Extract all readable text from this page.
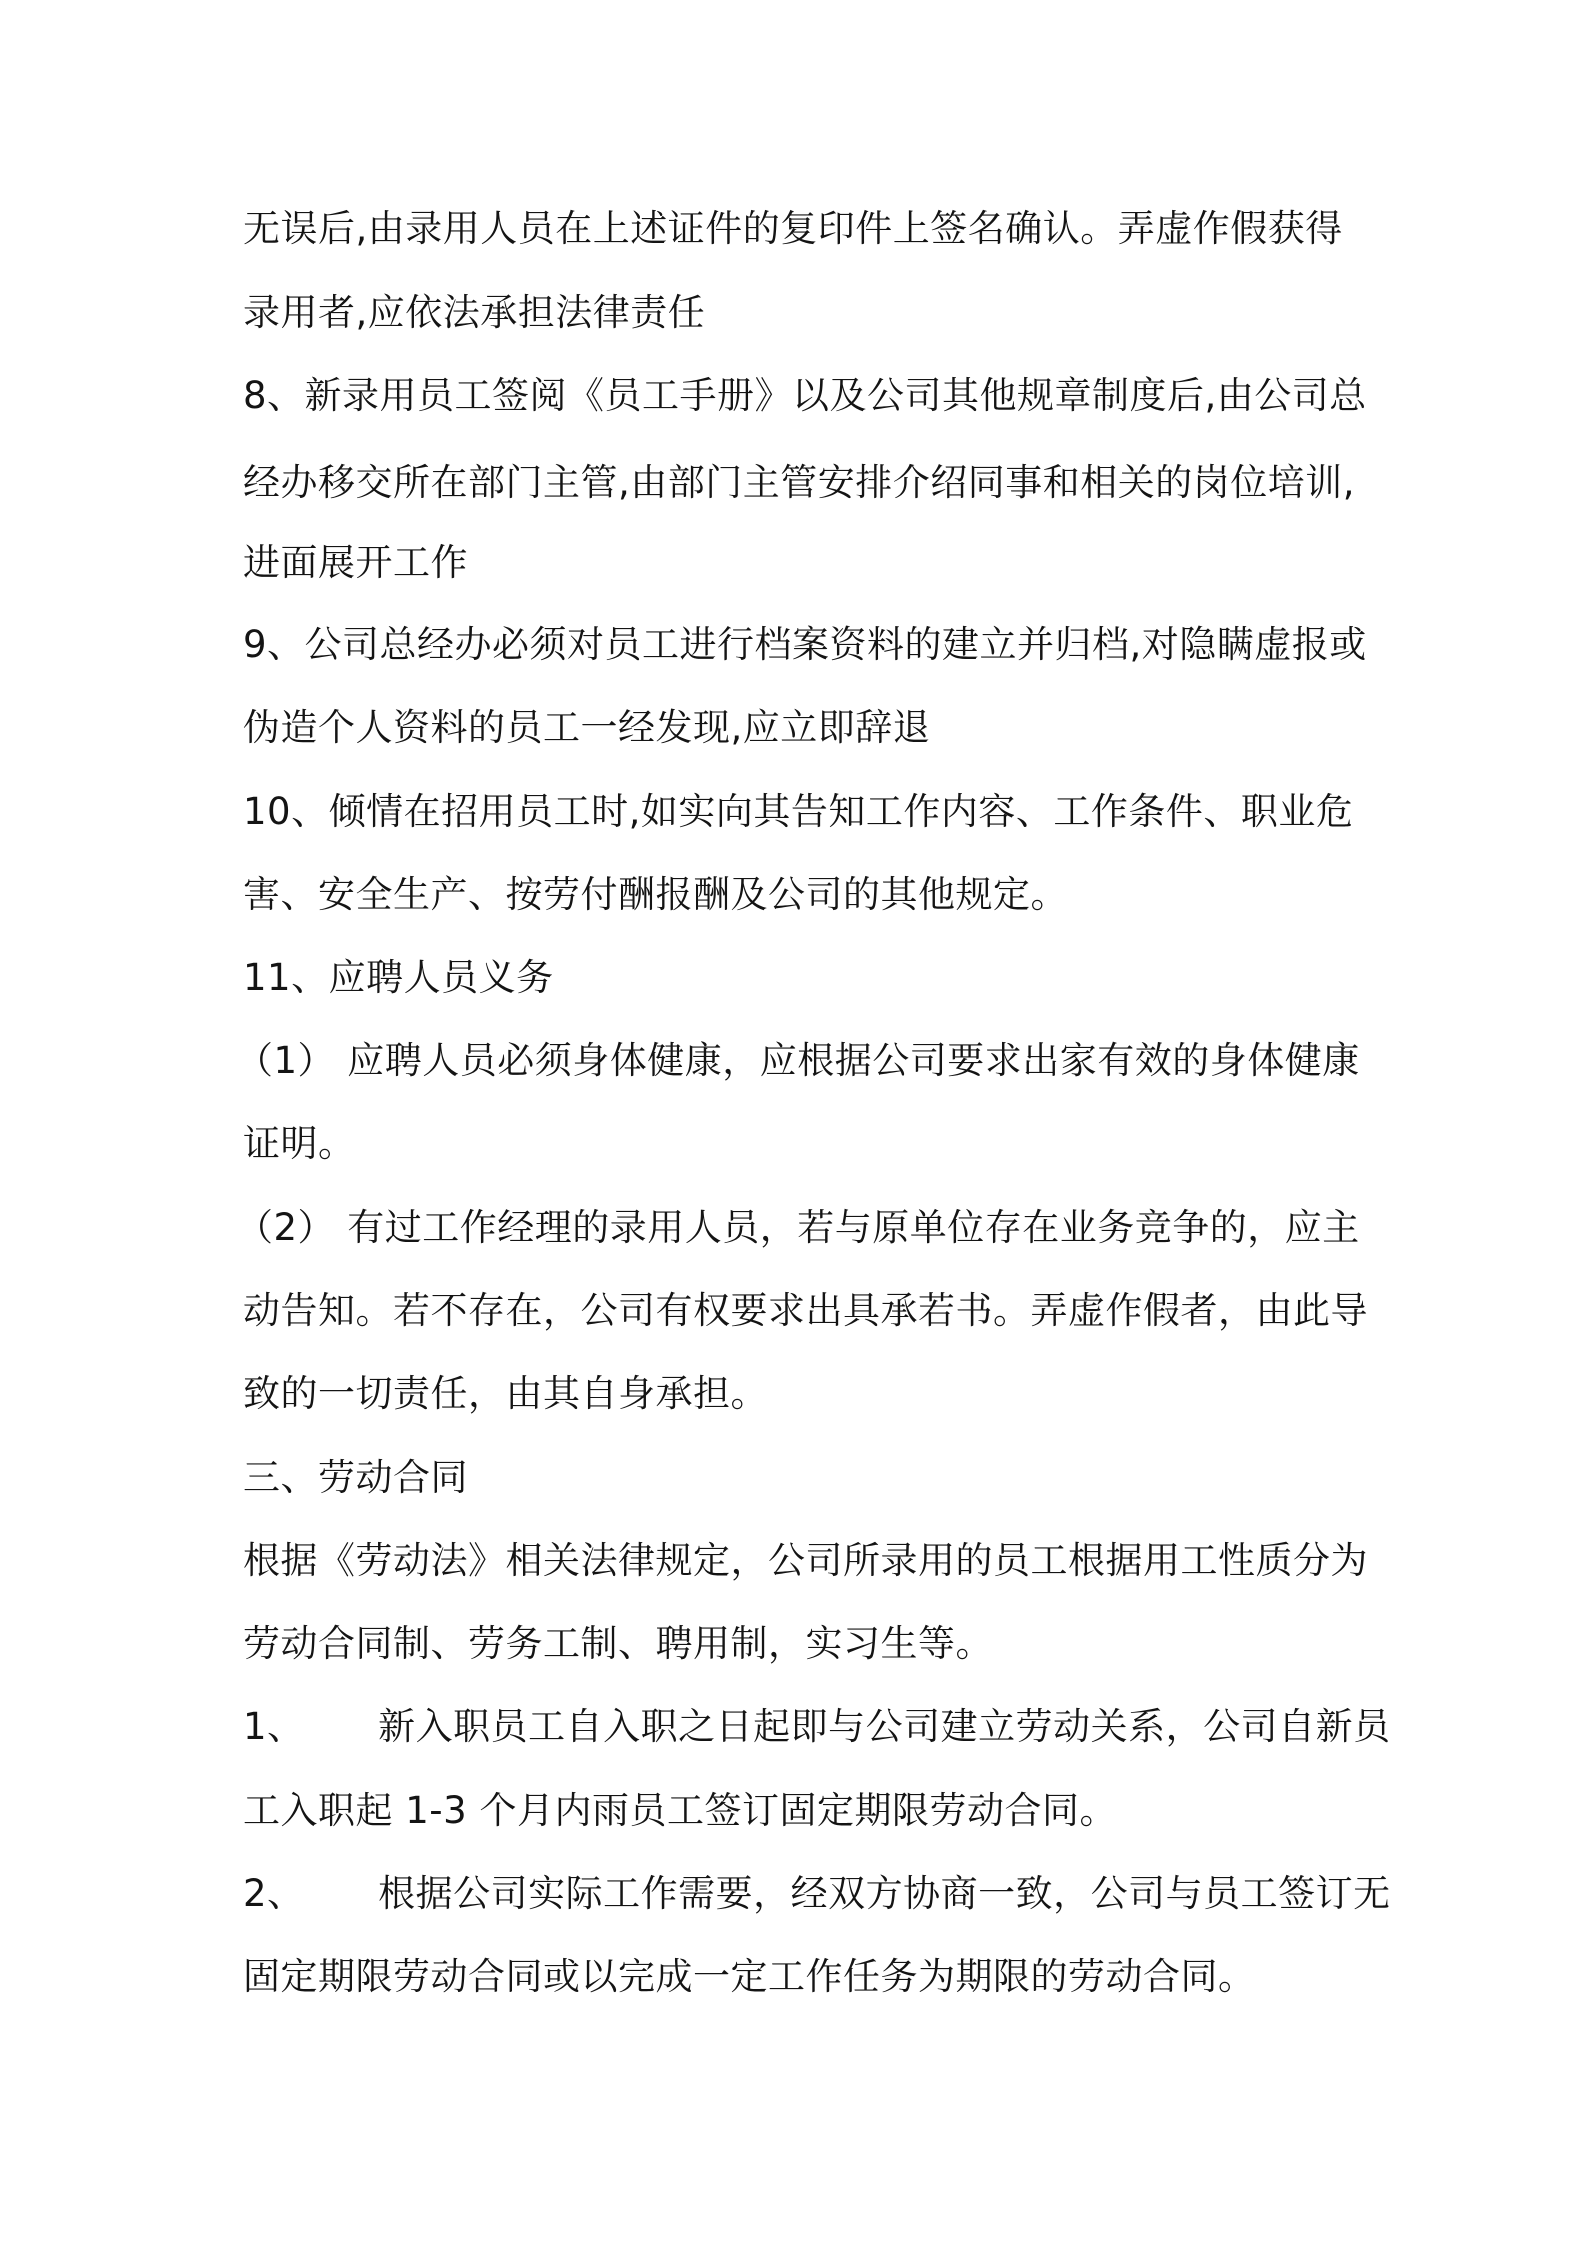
无误后,由录用人员在上述证件的复印件上签名确认。弄虚作假获得
录用者,应依法承担法律责任
8、新录用员工签阅《员工手册》以及公司其他规章制度后,由公司总
经办移交所在部门主管,由部门主管安排介绍同事和相关的岗位培训,
进面展开工作
9、公司总经办必须对员工进行档案资料的建立并归档,对隐瞒虚报或
伪造个人资料的员工一经发现,应立即辞退
10、倾情在招用员工时,如实向其告知工作内容、工作条件、职业危
害、安全生产、按劳付酬报酬及公司的其他规定。
11、应聘人员义务
（1） 应聘人员必须身体健康，应根据公司要求出家有效的身体健康
证明。
（2） 有过工作经理的录用人员，若与原单位存在业务竞争的，应主
动告知。若不存在，公司有权要求出具承若书。弄虚作假者，由此导
致的一切责任，由其自身承担。
三、劳动合同
根据《劳动法》相关法律规定，公司所录用的员工根据用工性质分为
劳动合同制、劳务工制、聘用制，实习生等。
1、      新入职员工自入职之日起即与公司建立劳动关系，公司自新员
工入职起 1-3 个月内雨员工签订固定期限劳动合同。
2、      根据公司实际工作需要，经双方协商一致，公司与员工签订无
固定期限劳动合同或以完成一定工作任务为期限的劳动合同。
